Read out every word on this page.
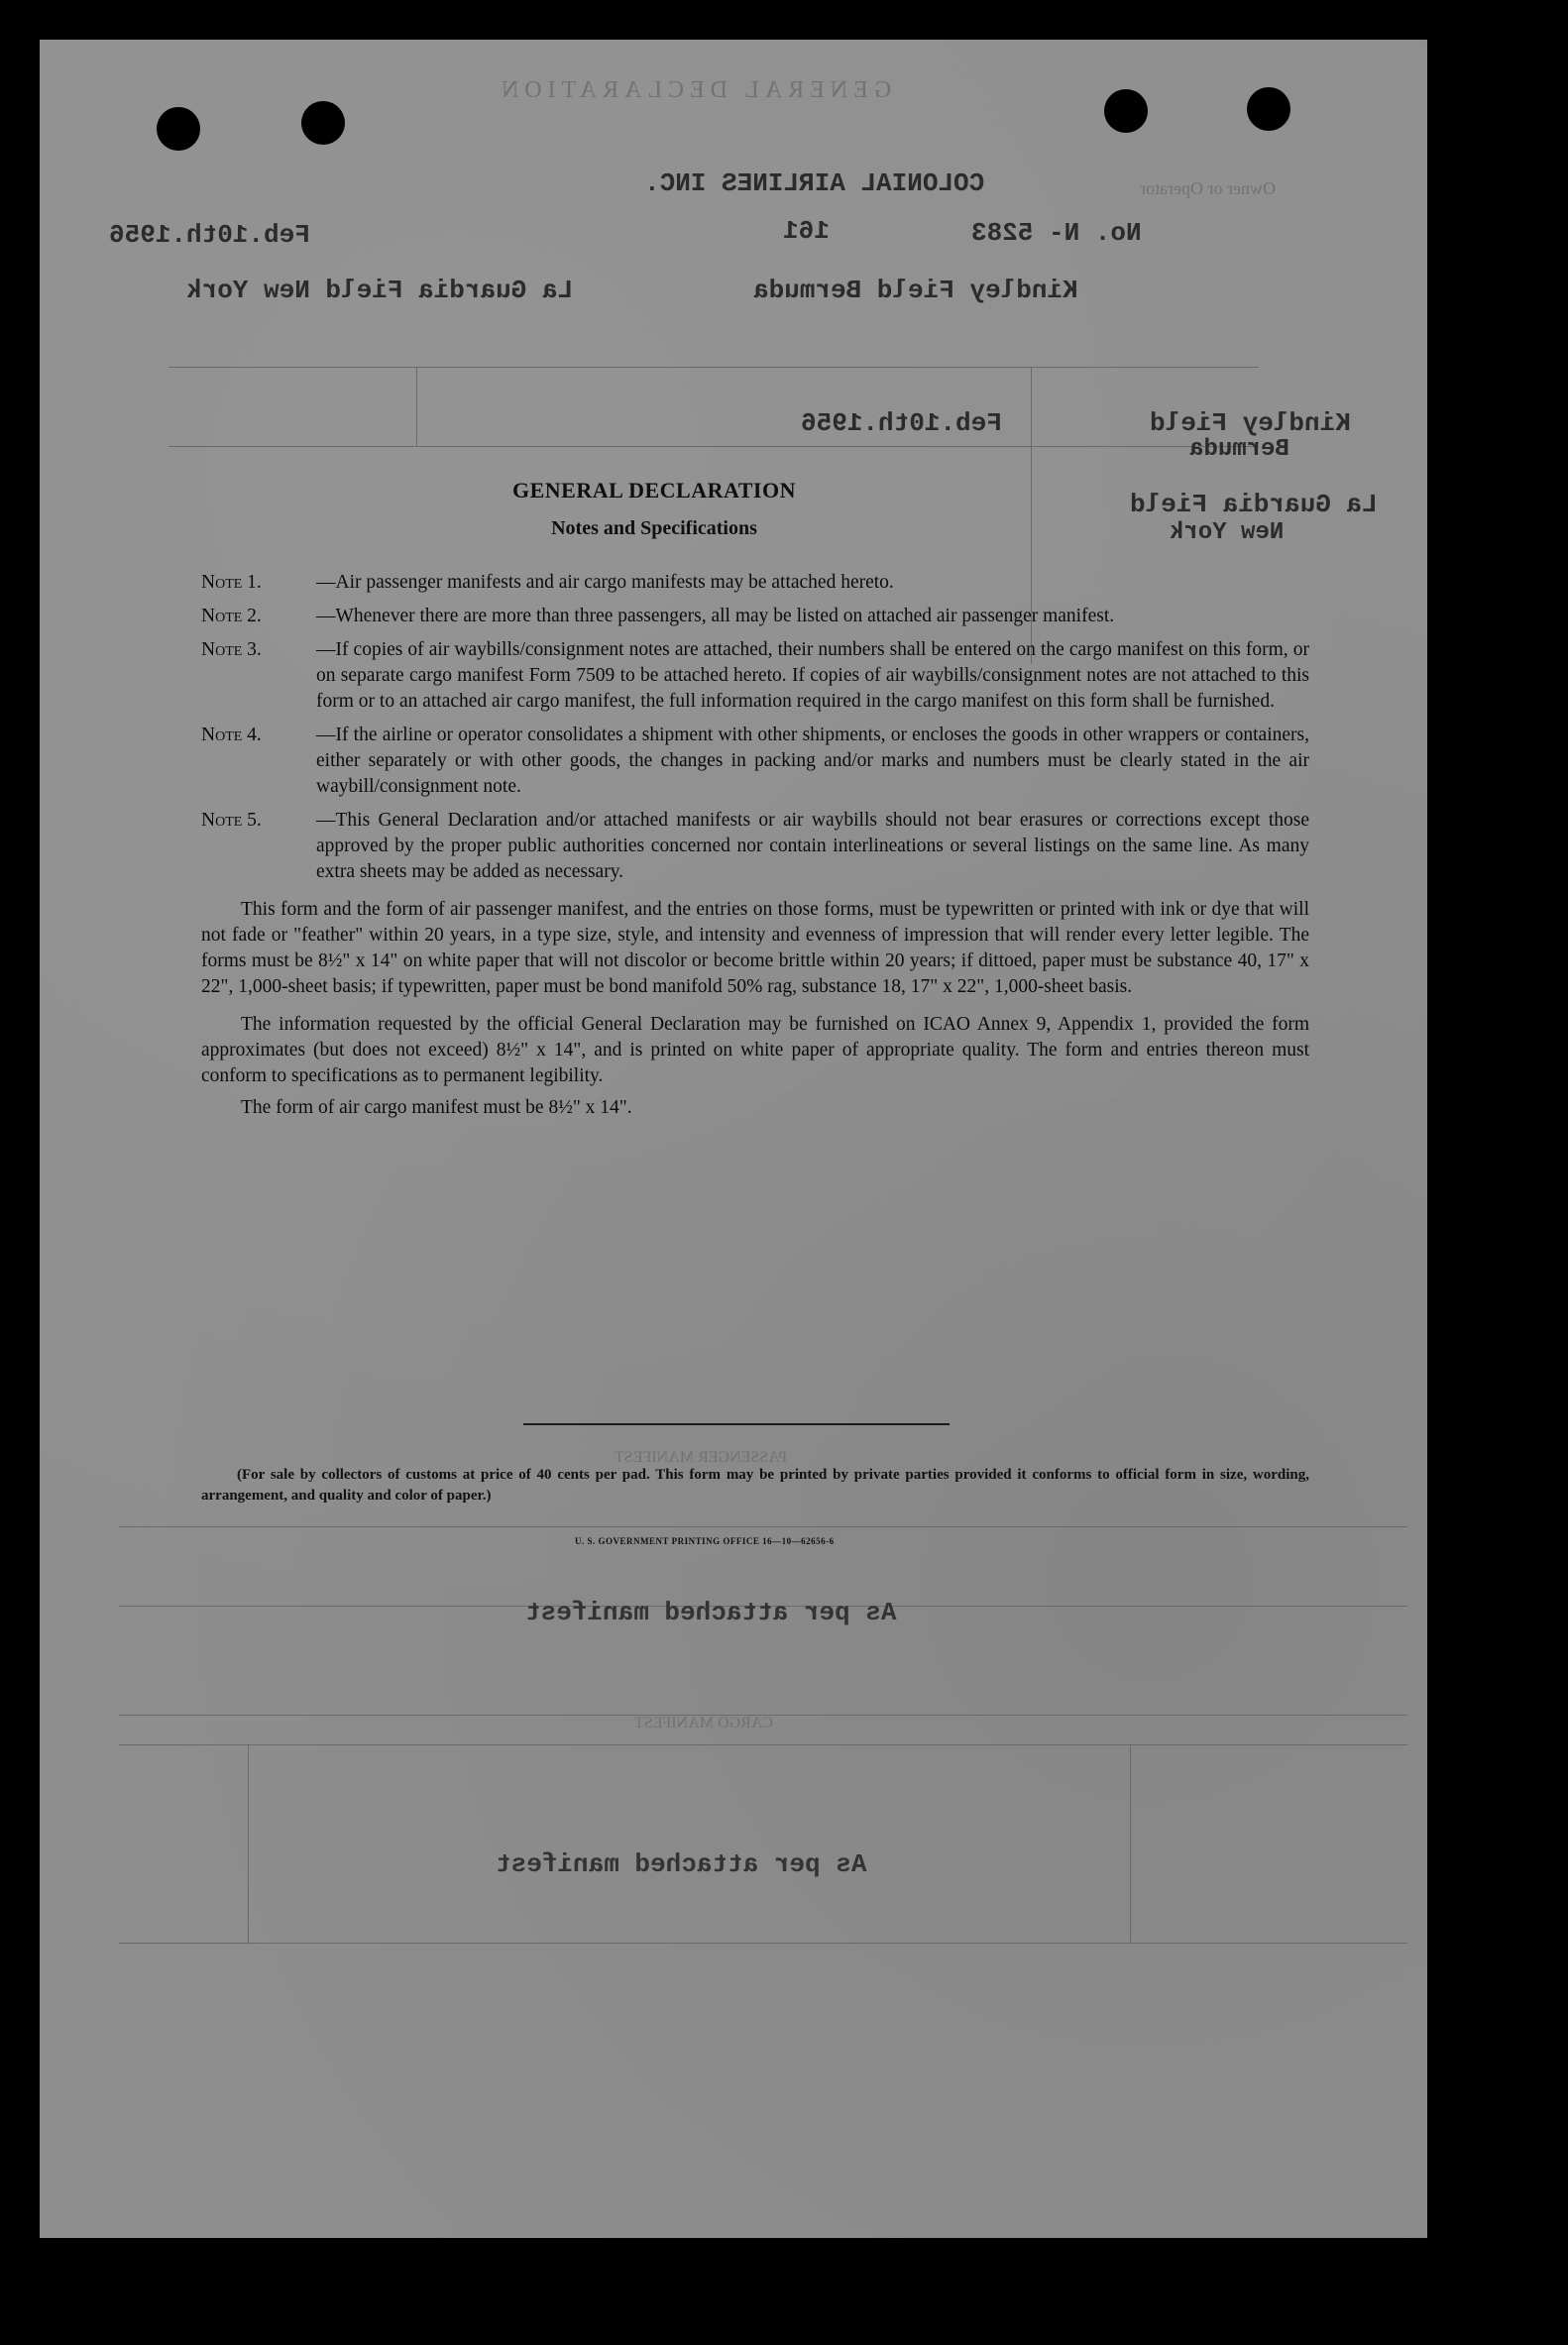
GENERAL DECLARATION
Owner or Operator
COLONIAL AIRLINES INC.
No. N- 5283
161
Feb.10th.1956
Kindley Field Bermuda
La Guardia Field New York
Feb.10th.1956	Kindley Field
Bermuda
La Guardia Field
New York
PASSENGER MANIFEST
As per attached manifest
CARGO MANIFEST
As per attached manifest
GENERAL DECLARATION
Notes and Specifications
Note 1.	—Air passenger manifests and air cargo manifests may be attached hereto.
Note 2.	—Whenever there are more than three passengers, all may be listed on attached air passenger manifest.
Note 3.	—If copies of air waybills/consignment notes are attached, their numbers shall be entered on the cargo manifest on this form, or on separate cargo manifest Form 7509 to be attached hereto. If copies of air waybills/consignment notes are not attached to this form or to an attached air cargo manifest, the full information required in the cargo manifest on this form shall be furnished.
Note 4.	—If the airline or operator consolidates a shipment with other shipments, or encloses the goods in other wrappers or containers, either separately or with other goods, the changes in packing and/or marks and numbers must be clearly stated in the air waybill/consignment note.
Note 5.	—This General Declaration and/or attached manifests or air waybills should not bear erasures or corrections except those approved by the proper public authorities concerned nor contain interlineations or several listings on the same line. As many extra sheets may be added as necessary.
This form and the form of air passenger manifest, and the entries on those forms, must be typewritten or printed with ink or dye that will not fade or "feather" within 20 years, in a type size, style, and intensity and evenness of impression that will render every letter legible. The forms must be 8½" x 14" on white paper that will not discolor or become brittle within 20 years; if dittoed, paper must be substance 40, 17" x 22", 1,000-sheet basis; if typewritten, paper must be bond manifold 50% rag, substance 18, 17" x 22", 1,000-sheet basis.
The information requested by the official General Declaration may be furnished on ICAO Annex 9, Appendix 1, provided the form approximates (but does not exceed) 8½" x 14", and is printed on white paper of appropriate quality. The form and entries thereon must conform to specifications as to permanent legibility.
The form of air cargo manifest must be 8½" x 14".
(For sale by collectors of customs at price of 40 cents per pad. This form may be printed by private parties provided it conforms to official form in size, wording, arrangement, and quality and color of paper.)
U. S. GOVERNMENT PRINTING OFFICE 16—10—62656-6
